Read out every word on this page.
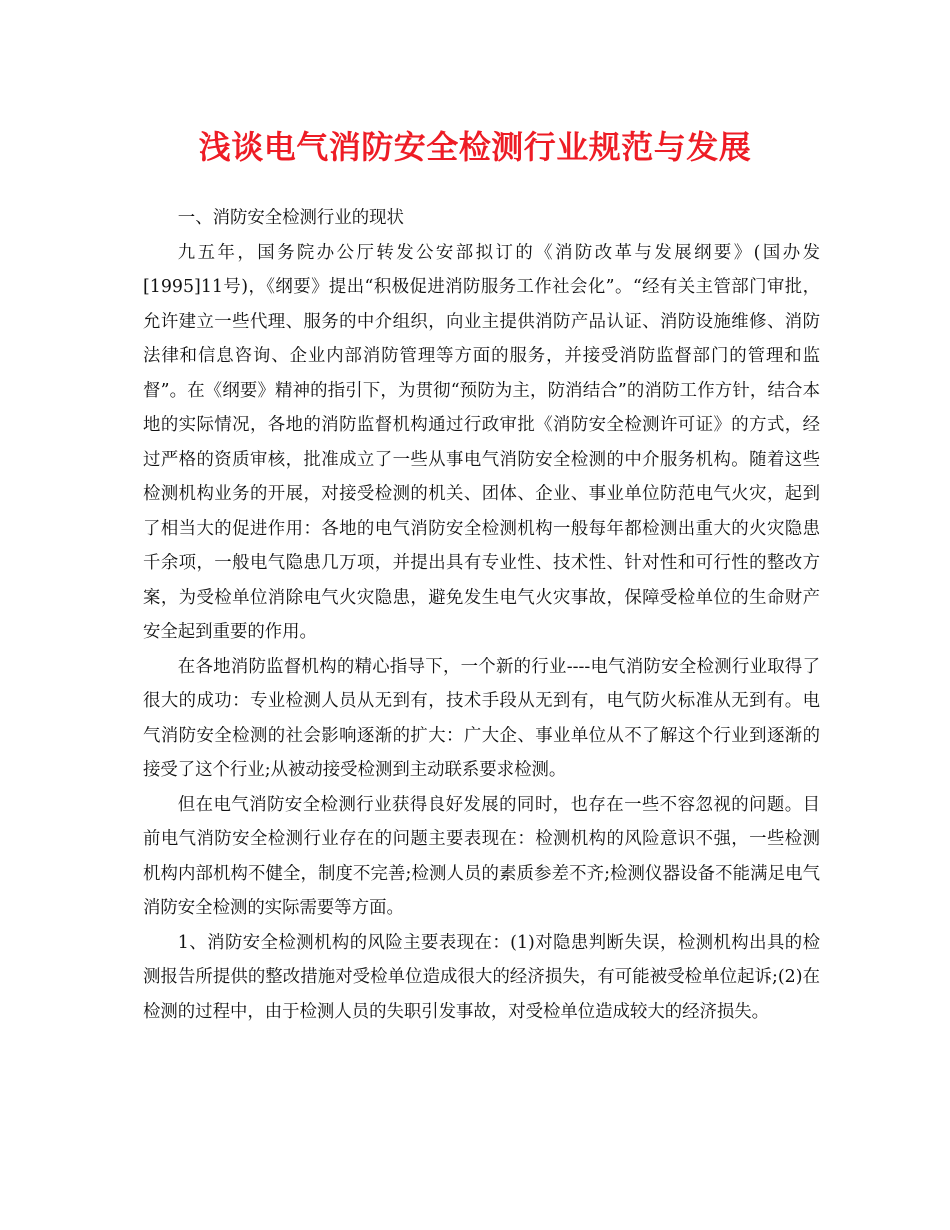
浅谈电气消防安全检测行业规范与发展

一、消防安全检测行业的现状

九五年，国务院办公厅转发公安部拟订的《消防改革与发展纲要》(国办发[1995]11号)，《纲要》提出“积极促进消防服务工作社会化”。“经有关主管部门审批，允许建立一些代理、服务的中介组织，向业主提供消防产品认证、消防设施维修、消防法律和信息咨询、企业内部消防管理等方面的服务，并接受消防监督部门的管理和监督”。在《纲要》精神的指引下，为贯彻“预防为主，防消结合”的消防工作方针，结合本地的实际情况，各地的消防监督机构通过行政审批《消防安全检测许可证》的方式，经过严格的资质审核，批准成立了一些从事电气消防安全检测的中介服务机构。随着这些检测机构业务的开展，对接受检测的机关、团体、企业、事业单位防范电气火灾，起到了相当大的促进作用：各地的电气消防安全检测机构一般每年都检测出重大的火灾隐患千余项，一般电气隐患几万项，并提出具有专业性、技术性、针对性和可行性的整改方案，为受检单位消除电气火灾隐患，避免发生电气火灾事故，保障受检单位的生命财产安全起到重要的作用。

在各地消防监督机构的精心指导下，一个新的行业----电气消防安全检测行业取得了很大的成功：专业检测人员从无到有，技术手段从无到有，电气防火标准从无到有。电气消防安全检测的社会影响逐渐的扩大：广大企、事业单位从不了解这个行业到逐渐的接受了这个行业;从被动接受检测到主动联系要求检测。

但在电气消防安全检测行业获得良好发展的同时，也存在一些不容忽视的问题。目前电气消防安全检测行业存在的问题主要表现在：检测机构的风险意识不强，一些检测机构内部机构不健全，制度不完善;检测人员的素质参差不齐;检测仪器设备不能满足电气消防安全检测的实际需要等方面。

1、消防安全检测机构的风险主要表现在：(1)对隐患判断失误，检测机构出具的检测报告所提供的整改措施对受检单位造成很大的经济损失，有可能被受检单位起诉;(2)在检测的过程中，由于检测人员的失职引发事故，对受检单位造成较大的经济损失。
